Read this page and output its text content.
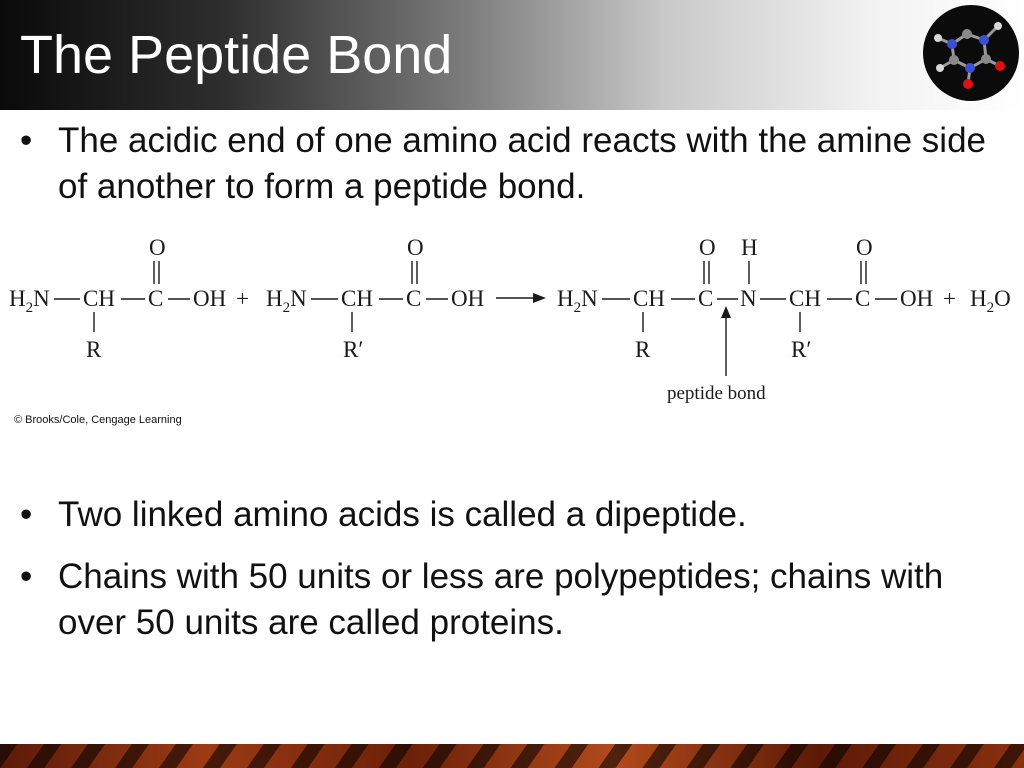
The Peptide Bond
• The acidic end of one amino acid reacts with the amine side of another to form a peptide bond.
$H_2N$ CH C OH
O
R
+ $H_2N$ CH C OH
O
R′
$H_2N$ CH C N CH C OH
O H	O
R	R′
+ $H_2O$
peptide bond
© Brooks/Cole, Cengage Learning
• Two linked amino acids is called a dipeptide.
• Chains with 50 units or less are polypeptides; chains with over 50 units are called proteins.
